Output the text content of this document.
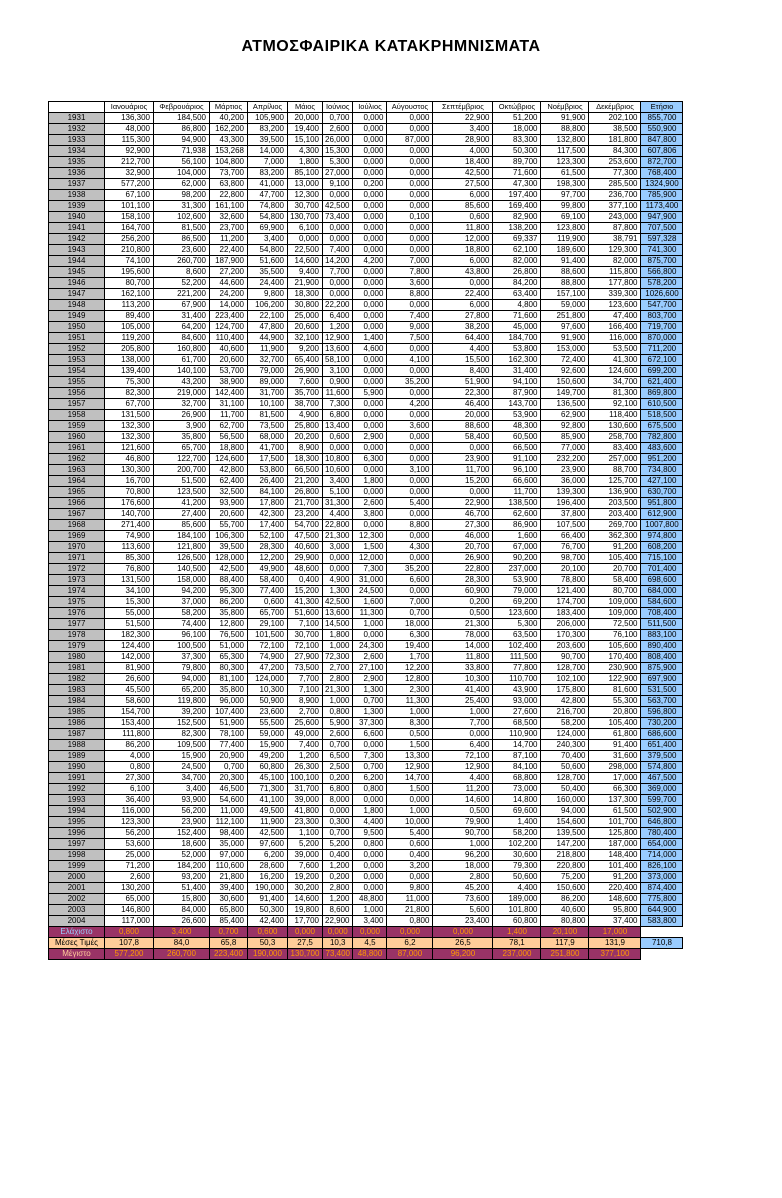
ΑΤΜΟΣΦΑΙΡΙΚΑ ΚΑΤΑΚΡΗΜΝΙΣΜΑΤΑ
	Ιανουάριος	Φεβρουάριος	Μάρτιος	Απρίλιος	Μάιος	Ιούνιος	Ιούλιος	Αύγουστος	Σεπτέμβριος	Οκτώβριος	Νοέμβριος	Δεκέμβριος	Ετήσιο
1931	136,300	184,500	40,200	105,900	20,000	0,700	0,000	0,000	22,900	51,200	91,900	202,100	855,700
1932	48,000	86,800	162,200	83,200	19,400	2,600	0,000	0,000	3,400	18,000	88,800	38,500	550,900
1933	115,300	94,900	43,300	39,500	15,100	26,000	0,000	87,000	28,900	83,300	132,800	181,800	847,800
1934	92,900	71,938	153,268	14,000	4,300	15,300	0,000	0,000	4,000	50,300	117,500	84,300	607,806
1935	212,700	56,100	104,800	7,000	1,800	5,300	0,000	0,000	18,400	89,700	123,300	253,600	872,700
1936	32,900	104,000	73,700	83,200	85,100	27,000	0,000	0,000	42,500	71,600	61,500	77,300	768,400
1937	577,200	62,000	63,800	41,000	13,000	9,100	0,200	0,000	27,500	47,300	198,300	285,500	1324,900
1938	67,100	98,200	22,800	47,700	12,300	0,000	0,000	0,000	6,000	197,400	97,700	236,700	785,900
1939	101,100	31,300	161,100	74,800	30,700	42,500	0,000	0,000	85,600	169,400	99,800	377,100	1173,400
1940	158,100	102,600	32,600	54,800	130,700	73,400	0,000	0,100	0,600	82,900	69,100	243,000	947,900
1941	164,700	81,500	23,700	69,900	6,100	0,000	0,000	0,000	11,800	138,200	123,800	87,800	707,500
1942	256,200	86,500	11,200	3,400	0,000	0,000	0,000	0,000	12,000	69,337	119,900	38,791	597,328
1943	210,800	23,600	22,400	54,800	22,500	7,400	0,000	0,000	18,800	62,100	189,600	129,300	741,300
1944	74,100	260,700	187,900	51,600	14,600	14,200	4,200	7,000	6,000	82,000	91,400	82,000	875,700
1945	195,600	8,600	27,200	35,500	9,400	7,700	0,000	7,800	43,800	26,800	88,600	115,800	566,800
1946	80,700	52,200	44,600	24,400	21,900	0,000	0,000	3,600	0,000	84,200	88,800	177,800	578,200
1947	162,100	221,200	24,200	9,800	18,300	0,000	0,000	8,800	22,400	63,400	157,100	339,300	1026,600
1948	113,200	67,900	14,000	106,200	30,800	22,200	0,000	0,000	6,000	4,800	59,000	123,600	547,700
1949	89,400	31,400	223,400	22,100	25,000	6,400	0,000	7,400	27,800	71,600	251,800	47,400	803,700
1950	105,000	64,200	124,700	47,800	20,600	1,200	0,000	9,000	38,200	45,000	97,600	166,400	719,700
1951	119,200	84,600	110,400	44,900	32,100	12,900	1,400	7,500	64,400	184,700	91,900	116,000	870,000
1952	205,800	160,800	40,600	11,900	9,200	13,600	4,600	0,000	4,400	53,800	153,000	53,500	711,200
1953	138,000	61,700	20,600	32,700	65,400	58,100	0,000	4,100	15,500	162,300	72,400	41,300	672,100
1954	139,400	140,100	53,700	79,000	26,900	3,100	0,000	0,000	8,400	31,400	92,600	124,600	699,200
1955	75,300	43,200	38,900	89,000	7,600	0,900	0,000	35,200	51,900	94,100	150,600	34,700	621,400
1956	82,300	219,000	142,400	31,700	35,700	11,600	5,900	0,000	22,300	87,900	149,700	81,300	869,800
1957	67,700	32,700	31,100	10,100	38,700	7,300	0,000	4,200	46,400	143,700	136,500	92,100	610,500
1958	131,500	26,900	11,700	81,500	4,900	6,800	0,000	0,000	20,000	53,900	62,900	118,400	518,500
1959	132,300	3,900	62,700	73,500	25,800	13,400	0,000	3,600	88,600	48,300	92,800	130,600	675,500
1960	132,300	35,800	56,500	68,000	20,200	0,600	2,900	0,000	58,400	60,500	85,900	258,700	782,800
1961	121,600	65,700	18,800	41,700	8,900	0,000	0,000	0,000	0,000	66,500	77,000	83,400	483,600
1962	46,800	122,700	124,600	17,500	18,300	10,800	6,300	0,000	23,900	91,100	232,200	257,000	951,200
1963	130,300	200,700	42,800	53,800	66,500	10,600	0,000	3,100	11,700	96,100	23,900	88,700	734,800
1964	16,700	51,500	62,400	26,400	21,200	3,400	1,800	0,000	15,200	66,600	36,000	125,700	427,100
1965	70,800	123,500	32,500	84,100	26,800	5,100	0,000	0,000	0,000	11,700	139,300	136,900	630,700
1966	176,600	41,200	93,900	17,800	21,700	31,300	2,600	5,400	22,900	138,500	196,400	203,500	951,800
1967	140,700	27,400	20,600	42,300	23,200	4,400	3,800	0,000	46,700	62,600	37,800	203,400	612,900
1968	271,400	85,600	55,700	17,400	54,700	22,800	0,000	8,800	27,300	86,900	107,500	269,700	1007,800
1969	74,900	184,100	106,300	52,100	47,500	21,300	12,300	0,000	46,000	1,600	66,400	362,300	974,800
1970	113,600	121,800	39,500	28,300	40,600	3,000	1,500	4,300	20,700	67,000	76,700	91,200	608,200
1971	85,300	126,500	128,000	12,200	29,900	0,000	12,000	0,000	26,900	90,200	98,700	105,400	715,100
1972	76,800	140,500	42,500	49,900	48,600	0,000	7,300	35,200	22,800	237,000	20,100	20,700	701,400
1973	131,500	158,000	88,400	58,400	0,400	4,900	31,000	6,600	28,300	53,900	78,800	58,400	698,600
1974	34,100	94,200	95,300	77,400	15,200	1,300	24,500	0,000	60,900	79,000	121,400	80,700	684,000
1975	15,300	37,000	86,200	0,600	41,300	42,500	1,600	7,000	0,200	69,200	174,700	109,000	584,600
1976	55,000	58,200	35,800	65,700	51,600	13,600	11,300	0,700	0,500	123,600	183,400	109,000	708,400
1977	51,500	74,400	12,800	29,100	7,100	14,500	1,000	18,000	21,300	5,300	206,000	72,500	511,500
1978	182,300	96,100	76,500	101,500	30,700	1,800	0,000	6,300	78,000	63,500	170,300	76,100	883,100
1979	124,400	100,500	51,000	72,100	72,100	1,000	24,300	19,400	14,000	102,400	203,600	105,600	890,400
1980	142,000	37,300	65,300	74,900	27,900	72,300	2,600	1,700	11,800	111,500	90,700	170,400	808,400
1981	81,900	79,800	80,300	47,200	73,500	2,700	27,100	12,200	33,800	77,800	128,700	230,900	875,900
1982	26,600	94,000	81,100	124,000	7,700	2,800	2,900	12,800	10,300	110,700	102,100	122,900	697,900
1983	45,500	65,200	35,800	10,300	7,100	21,300	1,300	2,300	41,400	43,900	175,800	81,600	531,500
1984	58,600	119,800	96,000	50,900	8,900	1,000	0,700	11,300	25,400	93,000	42,800	55,300	563,700
1985	154,700	39,200	107,400	23,600	2,700	0,800	1,300	1,000	1,000	27,600	216,700	20,800	596,800
1986	153,400	152,500	51,900	55,500	25,600	5,900	37,300	8,300	7,700	68,500	58,200	105,400	730,200
1987	111,800	82,300	78,100	59,000	49,000	2,600	6,600	0,500	0,000	110,900	124,000	61,800	686,600
1988	86,200	109,500	77,400	15,900	7,400	0,700	0,000	1,500	6,400	14,700	240,300	91,400	651,400
1989	4,000	15,900	20,900	49,200	1,200	6,500	7,300	13,300	72,100	87,100	70,400	31,600	379,500
1990	0,800	24,500	0,700	60,800	26,300	2,500	0,700	12,900	12,900	84,100	50,600	298,000	574,800
1991	27,300	34,700	20,300	45,100	100,100	0,200	6,200	14,700	4,400	68,800	128,700	17,000	467,500
1992	6,100	3,400	46,500	71,300	31,700	6,800	0,800	1,500	11,200	73,000	50,400	66,300	369,000
1993	36,400	93,900	54,600	41,100	39,000	8,000	0,000	0,000	14,600	14,800	160,000	137,300	599,700
1994	116,000	56,200	11,000	49,500	41,800	0,000	1,800	1,000	0,500	69,600	94,000	61,500	502,900
1995	123,300	23,900	112,100	11,900	23,300	0,300	4,400	10,000	79,900	1,400	154,600	101,700	646,800
1996	56,200	152,400	98,400	42,500	1,100	0,700	9,500	5,400	90,700	58,200	139,500	125,800	780,400
1997	53,600	18,600	35,000	97,600	5,200	5,200	0,800	0,600	1,000	102,200	147,200	187,000	654,000
1998	25,000	52,000	97,000	6,200	39,000	0,400	0,000	0,400	96,200	30,600	218,800	148,400	714,000
1999	71,200	184,200	110,600	28,600	7,600	1,200	0,000	3,200	18,000	79,300	220,800	101,400	826,100
2000	2,600	93,200	21,800	16,200	19,200	0,200	0,000	0,000	2,800	50,600	75,200	91,200	373,000
2001	130,200	51,400	39,400	190,000	30,200	2,800	0,000	9,800	45,200	4,400	150,600	220,400	874,400
2002	65,000	15,800	30,600	91,400	14,600	1,200	48,800	11,000	73,600	189,000	86,200	148,600	775,800
2003	146,800	84,000	65,800	50,300	19,800	8,600	1,000	21,800	5,600	101,800	40,600	95,800	644,900
2004	117,000	26,600	85,400	42,400	17,700	22,900	3,400	0,800	23,400	60,800	80,800	37,400	583,800
Ελάχιστο	0,800	3,400	0,700	0,600	0,000	0,000	0,000	0,000	0,000	1,400	20,100	17,000	
Μέσες Τιμές	107,8	84,0	65,8	50,3	27,5	10,3	4,5	6,2	26,5	78,1	117,9	131,9	710,8
Μέγιστο	577,200	260,700	223,400	190,000	130,700	73,400	48,800	87,000	96,200	237,000	251,800	377,100	
